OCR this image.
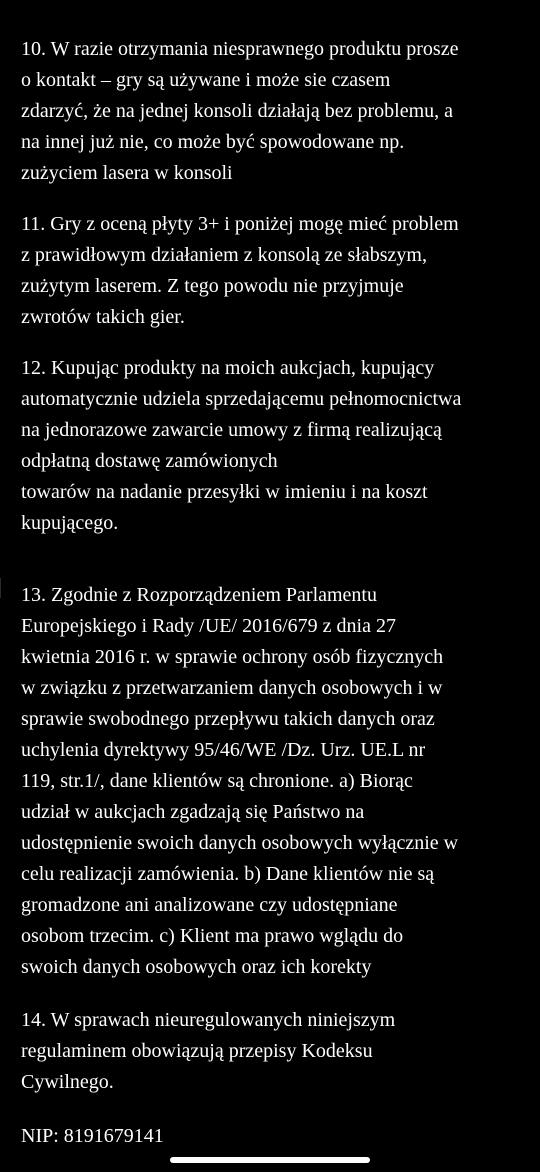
10. W razie otrzymania niesprawnego produktu prosze
o kontakt – gry są używane i może sie czasem
zdarzyć, że na jednej konsoli działają bez problemu, a
na innej już nie, co może być spowodowane np.
zużyciem lasera w konsoli

11. Gry z oceną płyty 3+ i poniżej mogę mieć problem
z prawidłowym działaniem z konsolą ze słabszym,
zużytym laserem. Z tego powodu nie przyjmuje
zwrotów takich gier.

12. Kupując produkty na moich aukcjach, kupujący
automatycznie udziela sprzedającemu pełnomocnictwa
na jednorazowe zawarcie umowy z firmą realizującą
odpłatną dostawę zamówionych
towarów na nadanie przesyłki w imieniu i na koszt
kupującego.

13. Zgodnie z Rozporządzeniem Parlamentu
Europejskiego i Rady /UE/ 2016/679 z dnia 27
kwietnia 2016 r. w sprawie ochrony osób fizycznych
w związku z przetwarzaniem danych osobowych i w
sprawie swobodnego przepływu takich danych oraz
uchylenia dyrektywy 95/46/WE /Dz. Urz. UE.L nr
119, str.1/, dane klientów są chronione. a) Biorąc
udział w aukcjach zgadzają się Państwo na
udostępnienie swoich danych osobowych wyłącznie w
celu realizacji zamówienia. b) Dane klientów nie są
gromadzone ani analizowane czy udostępniane
osobom trzecim. c) Klient ma prawo wglądu do
swoich danych osobowych oraz ich korekty

14. W sprawach nieuregulowanych niniejszym
regulaminem obowiązują przepisy Kodeksu
Cywilnego.

NIP: 8191679141
